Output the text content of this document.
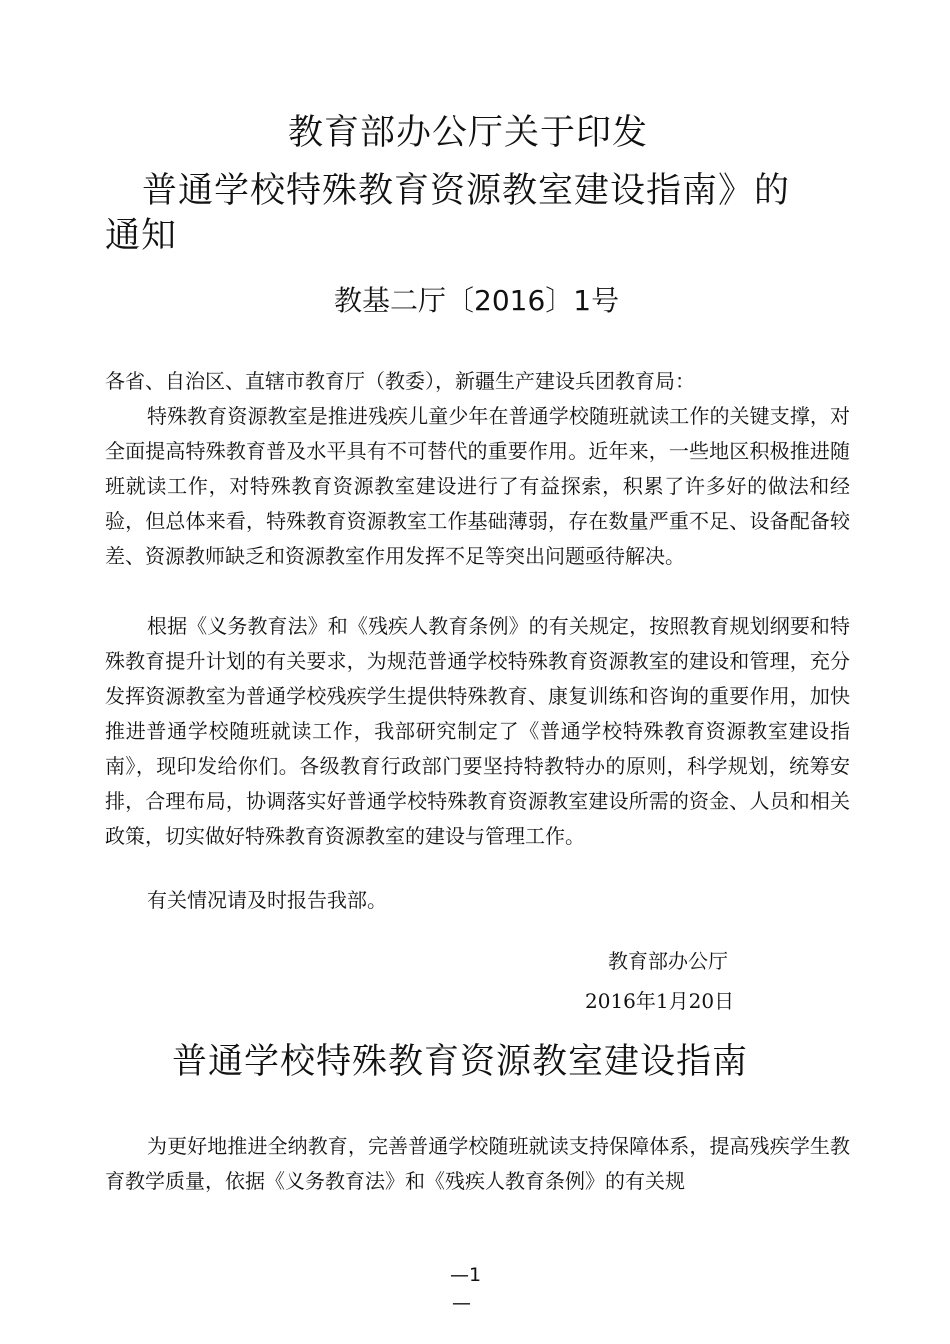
教育部办公厅关于印发
普通学校特殊教育资源教室建设指南》的
通知
教基二厅〔2016〕1号
各省、自治区、直辖市教育厅（教委），新疆生产建设兵团教育局：
特殊教育资源教室是推进残疾儿童少年在普通学校随班就读工作的关键支撑，对全面提高特殊教育普及水平具有不可替代的重要作用。近年来，一些地区积极推进随班就读工作，对特殊教育资源教室建设进行了有益探索，积累了许多好的做法和经验，但总体来看，特殊教育资源教室工作基础薄弱，存在数量严重不足、设备配备较差、资源教师缺乏和资源教室作用发挥不足等突出问题亟待解决。
根据《义务教育法》和《残疾人教育条例》的有关规定，按照教育规划纲要和特殊教育提升计划的有关要求，为规范普通学校特殊教育资源教室的建设和管理，充分发挥资源教室为普通学校残疾学生提供特殊教育、康复训练和咨询的重要作用，加快推进普通学校随班就读工作，我部研究制定了《普通学校特殊教育资源教室建设指南》，现印发给你们。各级教育行政部门要坚持特教特办的原则，科学规划，统筹安排，合理布局，协调落实好普通学校特殊教育资源教室建设所需的资金、人员和相关政策，切实做好特殊教育资源教室的建设与管理工作。
有关情况请及时报告我部。
教育部办公厅
2016年1月20日
普通学校特殊教育资源教室建设指南
为更好地推进全纳教育，完善普通学校随班就读支持保障体系，提高残疾学生教育教学质量，依据《义务教育法》和《残疾人教育条例》的有关规
—1
—
